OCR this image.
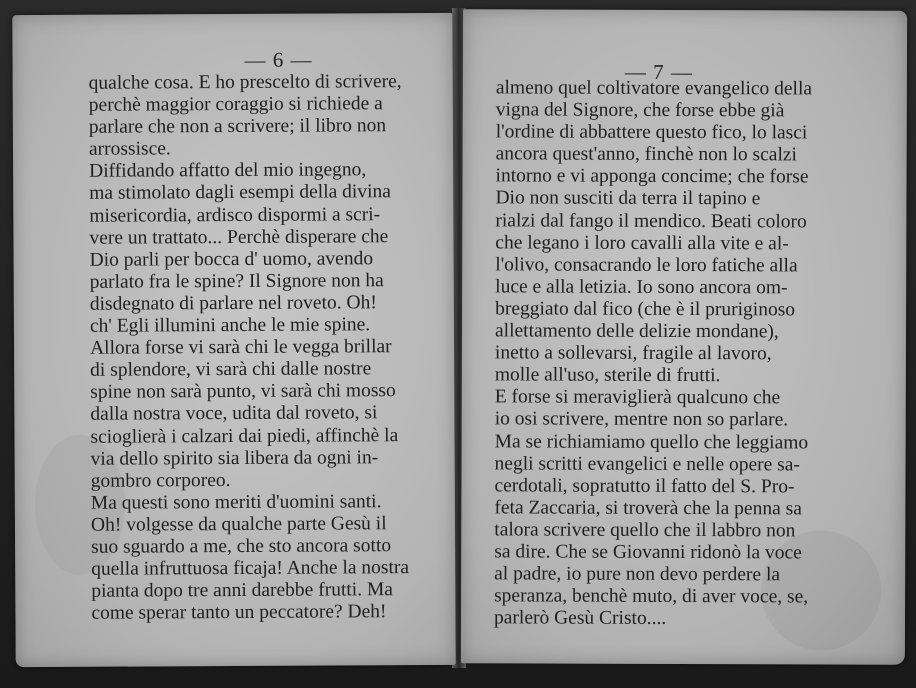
— 6 —
qualche cosa. E ho prescelto di scrivere,
perchè maggior coraggio si richiede a
parlare che non a scrivere; il libro non
arrossisce.
Diffidando affatto del mio ingegno,
ma stimolato dagli esempi della divina
misericordia, ardisco dispormi a scri-
vere un trattato... Perchè disperare che
Dio parli per bocca d' uomo, avendo
parlato fra le spine? Il Signore non ha
disdegnato di parlare nel roveto. Oh!
ch' Egli illumini anche le mie spine.
Allora forse vi sarà chi le vegga brillar
di splendore, vi sarà chi dalle nostre
spine non sarà punto, vi sarà chi mosso
dalla nostra voce, udita dal roveto, si
scioglierà i calzari dai piedi, affinchè la
via dello spirito sia libera da ogni in-
gombro corporeo.
Ma questi sono meriti d'uomini santi.
Oh! volgesse da qualche parte Gesù il
suo sguardo a me, che sto ancora sotto
quella infruttuosa ficaja! Anche la nostra
pianta dopo tre anni darebbe frutti. Ma
come sperar tanto un peccatore? Deh!
— 7 —
almeno quel coltivatore evangelico della
vigna del Signore, che forse ebbe già
l'ordine di abbattere questo fico, lo lasci
ancora quest'anno, finchè non lo scalzi
intorno e vi apponga concime; che forse
Dio non susciti da terra il tapino e
rialzi dal fango il mendico. Beati coloro
che legano i loro cavalli alla vite e al-
l'olivo, consacrando le loro fatiche alla
luce e alla letizia. Io sono ancora om-
breggiato dal fico (che è il pruriginoso
allettamento delle delizie mondane),
inetto a sollevarsi, fragile al lavoro,
molle all'uso, sterile di frutti.
E forse si meraviglierà qualcuno che
io osi scrivere, mentre non so parlare.
Ma se richiamiamo quello che leggiamo
negli scritti evangelici e nelle opere sa-
cerdotali, sopratutto il fatto del S. Pro-
feta Zaccaria, si troverà che la penna sa
talora scrivere quello che il labbro non
sa dire. Che se Giovanni ridonò la voce
al padre, io pure non devo perdere la
speranza, benchè muto, di aver voce, se,
parlerò Gesù Cristo....
